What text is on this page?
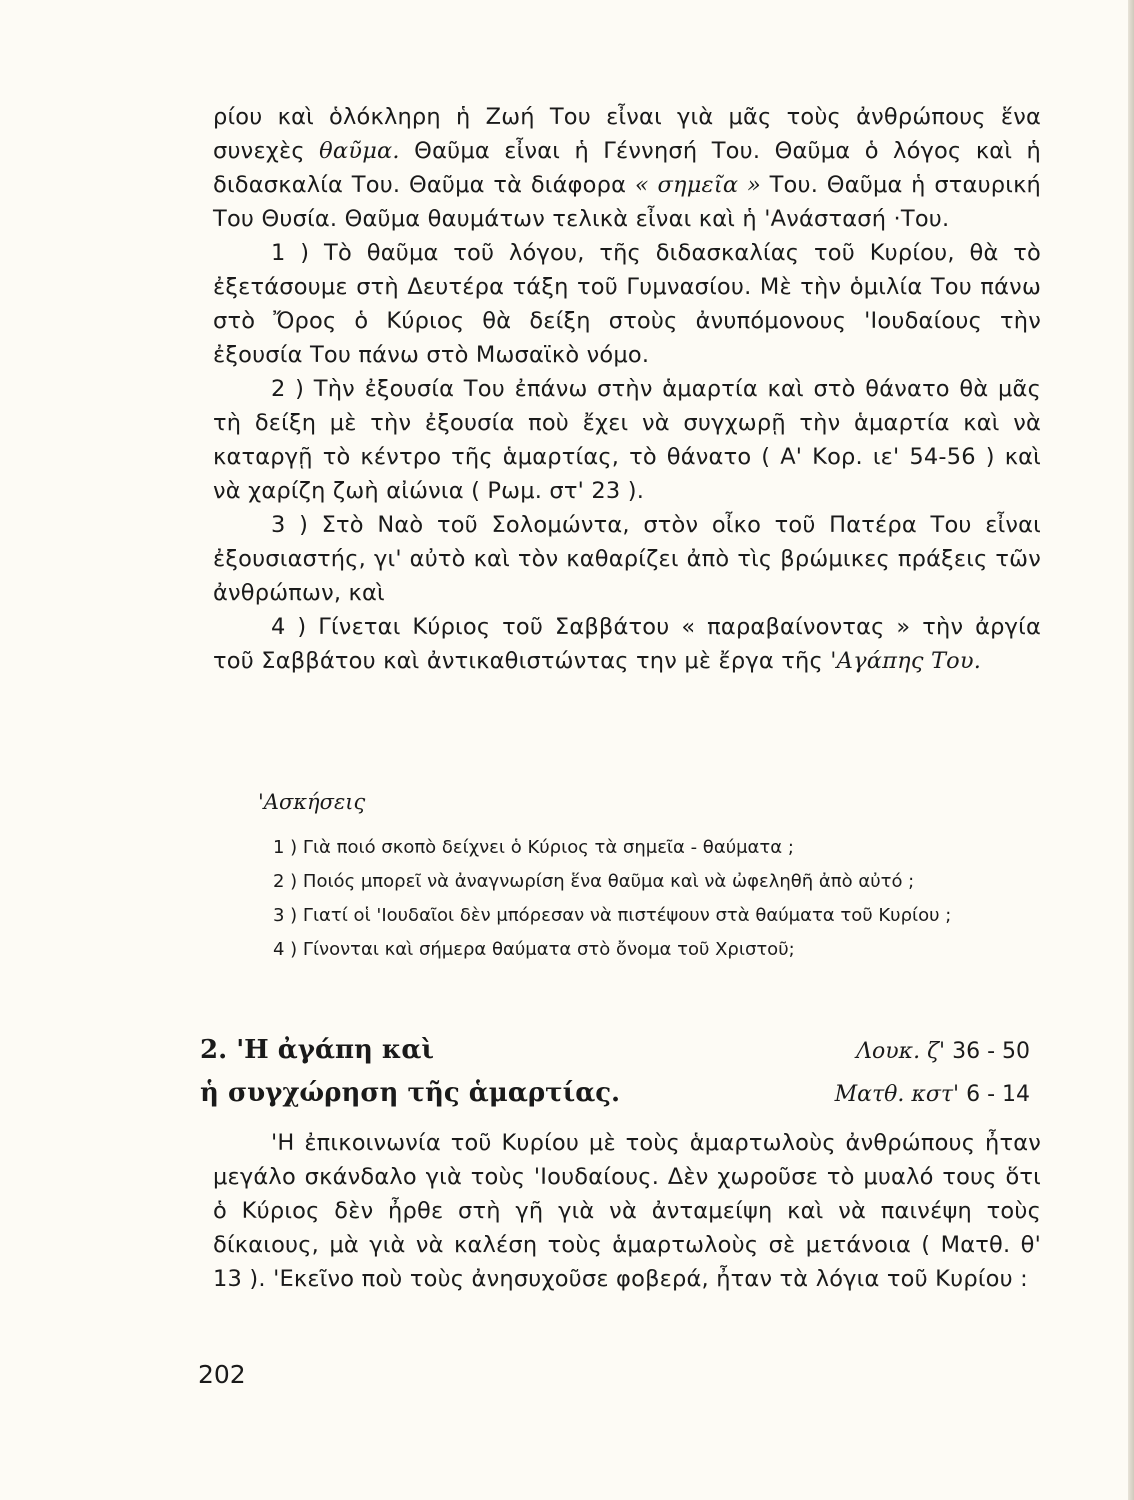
ρίου καὶ ὁλόκληρη ἡ Ζωή Του εἶναι γιὰ μᾶς τοὺς ἀνθρώπους ἕνα συνεχὲς θαῦμα. Θαῦμα εἶναι ἡ Γέννησή Του. Θαῦμα ὁ λόγος καὶ ἡ διδασκαλία Του. Θαῦμα τὰ διάφορα « σημεῖα » Του. Θαῦμα ἡ σταυρική Του Θυσία. Θαῦμα θαυμάτων τελικὰ εἶναι καὶ ἡ 'Ανάστασή ·Του.

1 ) Τὸ θαῦμα τοῦ λόγου, τῆς διδασκαλίας τοῦ Κυρίου, θὰ τὸ ἐξετάσουμε στὴ Δευτέρα τάξη τοῦ Γυμνασίου. Μὲ τὴν ὁμιλία Του πάνω στὸ Ὄρος ὁ Κύριος θὰ δείξη στοὺς ἀνυπόμονους 'Ιουδαίους τὴν ἐξουσία Του πάνω στὸ Μωσαϊκὸ νόμο.

2 ) Τὴν ἐξουσία Του ἐπάνω στὴν ἁμαρτία καὶ στὸ θάνατο θὰ μᾶς τὴ δείξη μὲ τὴν ἐξουσία ποὺ ἔχει νὰ συγχωρῇ τὴν ἁμαρτία καὶ νὰ καταργῇ τὸ κέντρο τῆς ἁμαρτίας, τὸ θάνατο ( Α' Κορ. ιε' 54-56 ) καὶ νὰ χαρίζη ζωὴ αἰώνια ( Ρωμ. στ' 23 ).

3 ) Στὸ Ναὸ τοῦ Σολομώντα, στὸν οἶκο τοῦ Πατέρα Του εἶναι ἐξουσιαστής, γι' αὐτὸ καὶ τὸν καθαρίζει ἀπὸ τὶς βρώμικες πράξεις τῶν ἀνθρώπων, καὶ

4 ) Γίνεται Κύριος τοῦ Σαββάτου « παραβαίνοντας » τὴν ἀργία τοῦ Σαββάτου καὶ ἀντικαθιστώντας την μὲ ἔργα τῆς 'Αγάπης Του.

'Ασκήσεις

1 ) Γιὰ ποιό σκοπὸ δείχνει ὁ Κύριος τὰ σημεῖα - θαύματα ;

2 ) Ποιός μπορεῖ νὰ ἀναγνωρίση ἕνα θαῦμα καὶ νὰ ὠφεληθῆ ἀπὸ αὐτό ;

3 ) Γιατί οἱ 'Ιουδαῖοι δὲν μπόρεσαν νὰ πιστέψουν στὰ θαύματα τοῦ Κυρίου ;

4 ) Γίνονται καὶ σήμερα θαύματα στὸ ὄνομα τοῦ Χριστοῦ;

2. 'Η ἀγάπη καὶ	Λουκ. ζ' 36 - 50
ἡ συγχώρηση τῆς ἁμαρτίας.	Ματθ. κστ' 6 - 14

'Η ἐπικοινωνία τοῦ Κυρίου μὲ τοὺς ἁμαρτωλοὺς ἀνθρώπους ἦταν μεγάλο σκάνδαλο γιὰ τοὺς 'Ιουδαίους. Δὲν χωροῦσε τὸ μυαλό τους ὅτι ὁ Κύριος δὲν ἦρθε στὴ γῆ γιὰ νὰ ἀνταμείψη καὶ νὰ παινέψη τοὺς δίκαιους, μὰ γιὰ νὰ καλέση τοὺς ἁμαρτωλοὺς σὲ μετάνοια ( Ματθ. θ' 13 ). 'Εκεῖνο ποὺ τοὺς ἀνησυχοῦσε φοβερά, ἦταν τὰ λόγια τοῦ Κυρίου :

202
